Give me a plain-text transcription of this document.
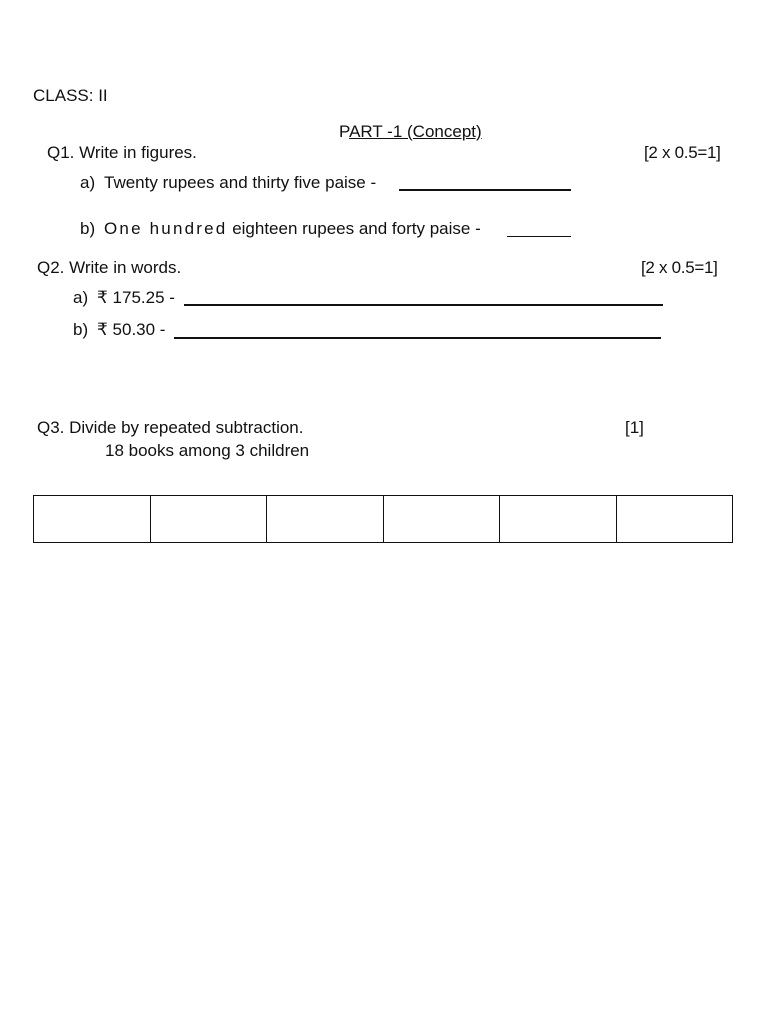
CLASS: II
PART -1 (Concept)
Q1. Write in figures.	[2 x 0.5=1]
a) Twenty rupees and thirty five paise -
b) One hundred eighteen rupees and forty paise -
Q2. Write in words.	[2 x 0.5=1]
a) ₹ 175.25 -
b) ₹ 50.30 -
Q3. Divide by repeated subtraction.	[1]
18 books among 3 children
